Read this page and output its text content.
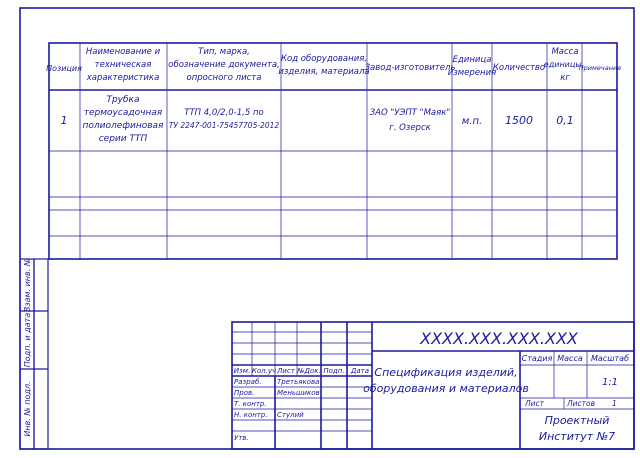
Позиция
Наименование и
техническая
характеристика
Тип, марка,
обозначение документа,
опросного листа
Код оборудования,
изделия, материала
Завод-изготовитель
Единица
измерения
Количество
Масса
единицы,
кг
Примечание
1
Трубка
термоусадочная
полиолефиновая
серии ТТП
ТТП 4,0/2,0-1,5 по
ТУ 2247-001-75457705-2012
ЗАО "УЭПТ "Маяк"
г. Озерск
м.п. 1500 0,1
Взам. инв. №
Подп. и дата
Инв. № подл.
ХХХХ.ХХХ.ХХХ.ХХХ
Изм. Кол.уч Лист №Док. Подп. Дата
Разраб. Третьякова
Пров.	Меньшиков
Т. контр.
Н. контр. Стулий
Утв.
Спецификация изделий,
оборудования и материалов
Стадия Масса Масштаб
1:1
Лист	Листов 1
Проектный
Институт №7
